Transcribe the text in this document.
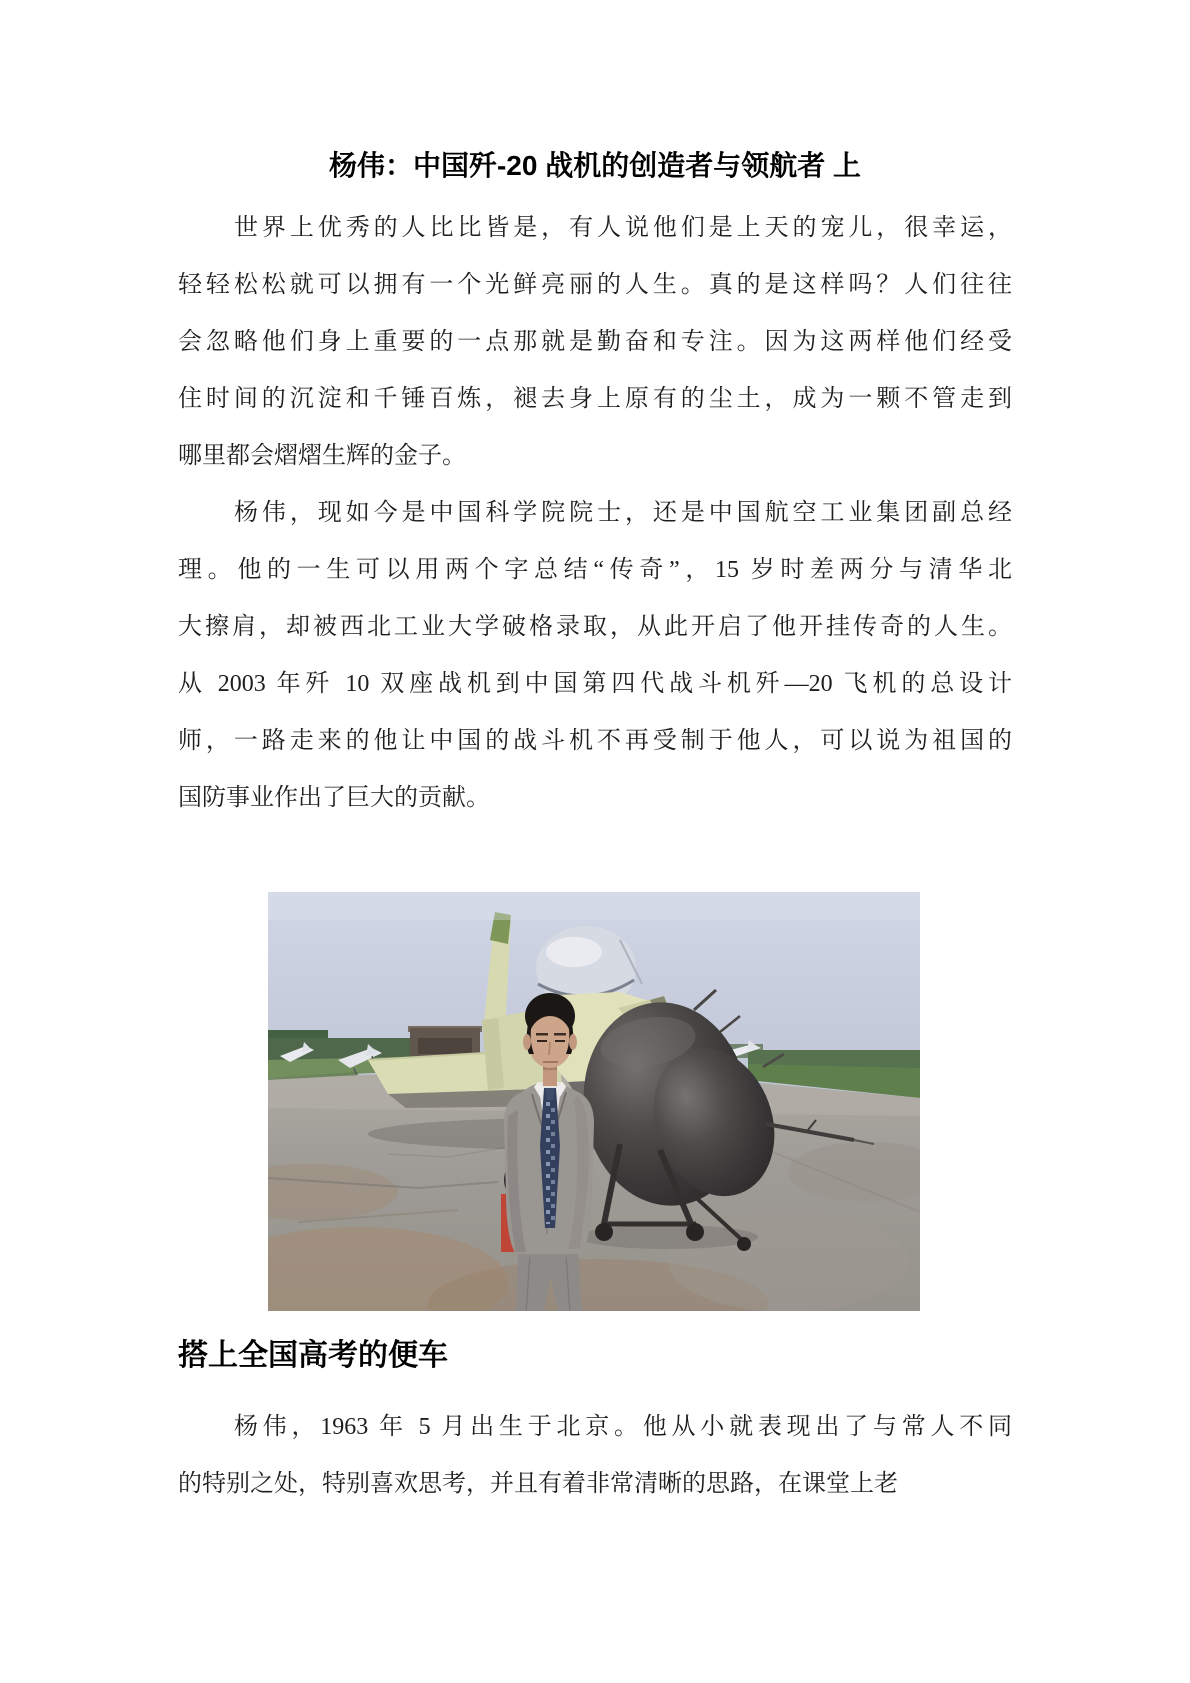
杨伟：中国歼-20 战机的创造者与领航者 上
世界上优秀的人比比皆是，有人说他们是上天的宠儿，很幸运，
轻轻松松就可以拥有一个光鲜亮丽的人生。真的是这样吗？人们往往
会忽略他们身上重要的一点那就是勤奋和专注。因为这两样他们经受
住时间的沉淀和千锤百炼，褪去身上原有的尘土，成为一颗不管走到
哪里都会熠熠生辉的金子。
杨伟，现如今是中国科学院院士，还是中国航空工业集团副总经
理。他的一生可以用两个字总结“传奇”，15 岁时差两分与清华北
大擦肩，却被西北工业大学破格录取，从此开启了他开挂传奇的人生。
从 2003 年歼 10 双座战机到中国第四代战斗机歼—20 飞机的总设计
师，一路走来的他让中国的战斗机不再受制于他人，可以说为祖国的
国防事业作出了巨大的贡献。
搭上全国高考的便车
杨伟，1963 年 5 月出生于北京。他从小就表现出了与常人不同
的特别之处，特别喜欢思考，并且有着非常清晰的思路，在课堂上老
